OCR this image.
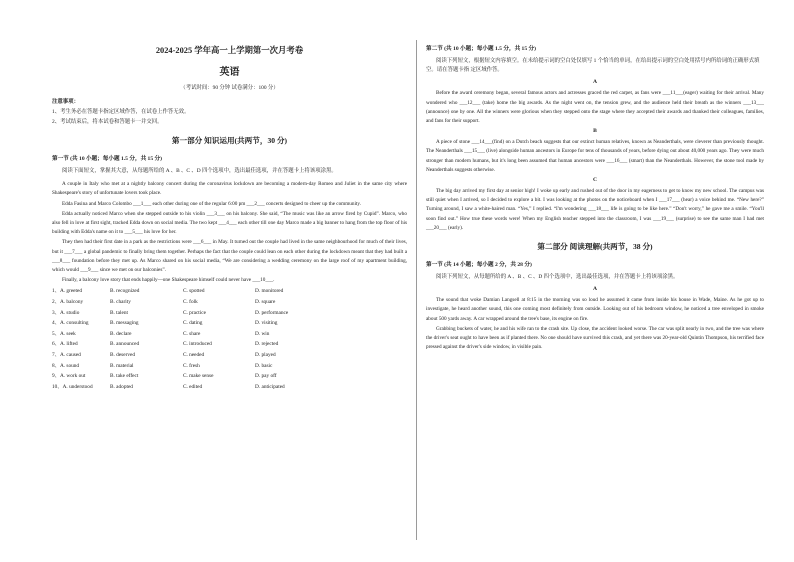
2024-2025 学年高一上学期第一次月考卷

英语

（考试时间：90 分钟 试卷满分：100 分）

注意事项：

1、考生务必在答题卡指定区域作答，在试卷上作答无效。

2、考试结束后，将本试卷和答题卡一并交回。

第一部分 知识运用(共两节，30 分)

第一节 (共 10 小题；每小题 1.5 分，共 15 分)

阅读下面短文，掌握其大意，从每题所给的 A 、B 、C 、D 四个选项中，选出最佳选项，并在答题卡上将该项涂黑。

A couple in Italy who met at a nightly balcony concert during the coronavirus lockdown are becoming a modern-day Romeo and Juliet in the same city where Shakespeare's story of unfortunate lovers took place.

Edda Fasina and Marco Colombo ___1___ each other during one of the regular 6:00 pm ___2___ concerts designed to cheer up the community.

Edda actually noticed Marco when she stepped outside to his violin ___3___ on his balcony. She said, “The music was like an arrow fired by Cupid”. Marco, who also fell in love at first sight, tracked Edda down on social media. The two kept ___4___ each other till one day Marco made a big banner to hang from the top floor of his building with Edda's name on it to ___5___ his love for her.

They then had their first date in a park as the restrictions were ___6___ in May. It turned out the couple had lived in the same neighbourhood for much of their lives, but it ___7___ a global pandemic to finally bring them together. Perhaps the fact that the couple could lean on each other during the lockdown meant that they had built a ___8___ foundation before they met up. As Marco shared on his social media, “We are considering a wedding ceremony on the large roof of my apartment building, which would ___9___ since we met on our balconies”.

Finally, a balcony love story that ends happily—one Shakespeare himself could never have ___10___.

1、A. greeted	B. recognized	C. spotted	D. monitored
2、A. balcony	B. charity	C. folk	D. square
3、A. studio	B. talent	C. practice	D. performance
4、A. consulting	B. messaging	C. dating	D. visiting
5、A. seek	B. declare	C. share	D. win
6、A. lifted	B. announced	C. introduced	D. rejected
7、A. caused	B. deserved	C. needed	D. played
8、A. sound	B. material	C. fresh	D. basic
9、A. work out	B. take effect	C. make sense	D. pay off
10、A. understood	B. adopted	C. edited	D. anticipated

第二节 (共 10 小题；每小题 1.5 分，共 15 分)

阅读下列短文，根据短文内容填空。在未给提示词的空白处仅填写 1 个恰当的单词，在给出提示词的空白处用括号内所给词的正确形式填空。请在答题卡指 定区域作答。

A

Before the award ceremony began, several famous actors and actresses graced the red carpet, as fans were ___11___(eager) waiting for their arrival. Many wondered who ___12___ (take) home the big awards. As the night went on, the tension grew, and the audience held their breath as the winners ___13___ (announce) one by one. All the winners were glorious when they stepped onto the stage where they accepted their awards and thanked their colleagues, families, and fans for their support.

B

A piece of stone ___14___(find) on a Dutch beach suggests that our extinct human relatives, known as Neanderthals, were cleverer than previously thought. The Neanderthals ___15___ (live) alongside human ancestors in Europe for tens of thousands of years, before dying out about 40,000 years ago. They were much stronger than modern humans, but it's long been assumed that human ancestors were ___16___ (smart) than the Neanderthals. However, the stone tool made by Neanderthals suggests otherwise.

C

The big day arrived my first day at senior high! I woke up early and rushed out of the door in my eagerness to get to know my new school. The campus was still quiet when I arrived, so I decided to explore a bit. I was looking at the photos on the noticeboard when I ___17___ (hear) a voice behind me. “New here?” Turning around, I saw a white-haired man. “Yes,” I replied. “I'm wondering ___18___ life is going to be like here.” “Don't worry,” he gave me a smile. “You'll soon find out.” How true these words were! When my English teacher stepped into the classroom, I was ___19___ (surprise) to see the same man I had met ___20___ (early).

第二部分 阅读理解(共两节，38 分)

第一节 (共 14 小题；每小题 2 分，共 28 分)

阅读下列短文，从每题所给的 A 、B 、C 、D 四个选项中，选出最佳选项，并在答题卡上将该项涂黑。

A

The sound that woke Damian Langsell at 8:15 in the morning was so loud he assumed it came from inside his house in Wade, Maine. As he got up to investigate, he heard another sound, this one coming most definitely from outside. Looking out of his bedroom window, he noticed a tree enveloped in smoke about 500 yards away. A car wrapped around the tree's base, its engine on fire.

Grabbing buckets of water, he and his wife ran to the crash site. Up close, the accident looked worse. The car was split nearly in two, and the tree was where the driver's seat ought to have been as if planted there. No one should have survived this crash, and yet there was 20-year-old Quintin Thompson, his terrified face pressed against the driver's side window, in visible pain.
